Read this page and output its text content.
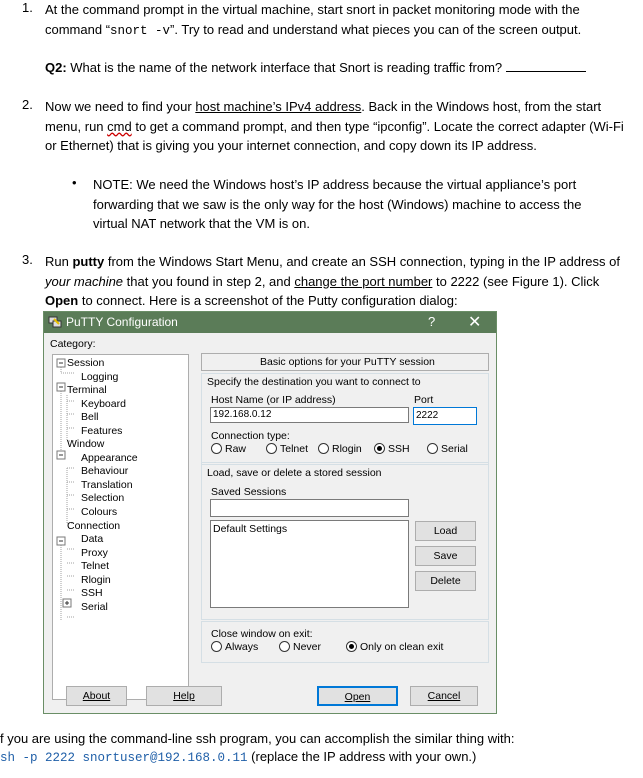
1. At the command prompt in the virtual machine, start snort in packet monitoring mode with the command “snort -v”. Try to read and understand what pieces you can of the screen output.
Q2: What is the name of the network interface that Snort is reading traffic from?
2. Now we need to find your host machine’s IPv4 address. Back in the Windows host, from the start menu, run cmd to get a command prompt, and then type “ipconfig”. Locate the correct adapter (Wi-Fi or Ethernet) that is giving you your internet connection, and copy down its IP address.
• NOTE: We need the Windows host’s IP address because the virtual appliance’s port forwarding that we saw is the only way for the host (Windows) machine to access the virtual NAT network that the VM is on.
3. Run putty from the Windows Start Menu, and create an SSH connection, typing in the IP address of your machine that you found in step 2, and change the port number to 2222 (see Figure 1). Click Open to connect. Here is a screenshot of the Putty configuration dialog:
PuTTY Configuration	? ✕
Category:
Session
Logging
Terminal
Keyboard
Bell
Features
Window
Appearance
Behaviour
Translation
Selection
Colours
Connection
Data
Proxy
Telnet
Rlogin
SSH
Serial
Basic options for your PuTTY session
Specify the destination you want to connect to
Host Name (or IP address)	Port
192.168.0.12	2222
Connection type:
Raw	Telnet Rlogin SSH	Serial
Load, save or delete a stored session
Saved Sessions
Default Settings	Load
Save
Delete
Close window on exit:
Always	Never	Only on clean exit
About	Help	Open	Cancel
f you are using the command-line ssh program, you can accomplish the similar thing with:
sh -p 2222 snortuser@192.168.0.11 (replace the IP address with your own.)
